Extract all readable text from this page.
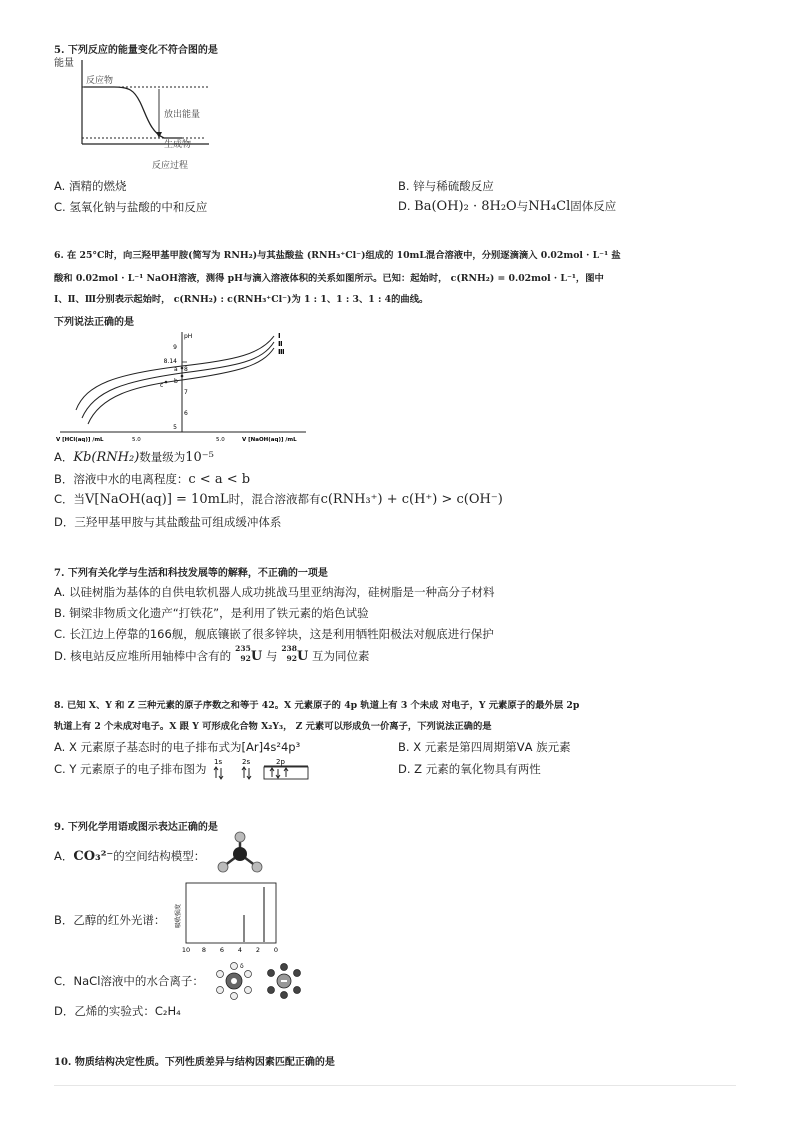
5. 下列反应的能量变化不符合图的是
能量
反应物
放出能量
生成物
反应过程
A. 酒精的燃烧	B. 锌与稀硫酸反应
C. 氢氧化钠与盐酸的中和反应	D. Ba(OH)₂ · 8H₂O与NH₄Cl固体反应
6. 在 25°C时，向三羟甲基甲胺(简写为 RNH₂)与其盐酸盐 (RNH₃⁺Cl⁻)组成的 10mL混合溶液中，分别逐滴滴入 0.02mol · L⁻¹ 盐
酸和 0.02mol · L⁻¹ NaOH溶液，测得 pH与滴入溶液体积的关系如图所示。已知：起始时， c(RNH₂) = 0.02mol · L⁻¹，图中
Ⅰ、Ⅱ、Ⅲ分别表示起始时， c(RNH₂) : c(RNH₃⁺Cl⁻)为 1 : 1、1 : 3、1 : 4的曲线。
下列说法正确的是
pH
9
8.14
8
7
6
5
Ⅰ
Ⅱ
Ⅲ
a
b
c
V [HCl(aq)] /mL	5.0	5.0	V [NaOH(aq)] /mL
A．Kb(RNH₂)数量级为10⁻⁵
B．溶液中水的电离程度：c < a < b
C．当V[NaOH(aq)] = 10mL时，混合溶液都有c(RNH₃⁺) + c(H⁺) > c(OH⁻)
D．三羟甲基甲胺与其盐酸盐可组成缓冲体系
7. 下列有关化学与生活和科技发展等的解释，不正确的一项是
A. 以硅树脂为基体的自供电软机器人成功挑战马里亚纳海沟，硅树脂是一种高分子材料
B. 铜梁非物质文化遗产“打铁花”，是利用了铁元素的焰色试验
C. 长江边上停靠的166舰，舰底镶嵌了很多锌块，这是利用牺牲阳极法对舰底进行保护
D. 核电站反应堆所用轴棒中含有的
235
92 U 与
238
92 U 互为同位素
8. 已知 X、Y 和 Z 三种元素的原子序数之和等于 42。X 元素原子的 4p 轨道上有 3 个未成 对电子，Y 元素原子的最外层 2p
轨道上有 2 个未成对电子。X 跟 Y 可形成化合物 X₂Y₃， Z 元素可以形成负一价离子，下列说法正确的是
A. X 元素原子基态时的电子排布式为[Ar]4s²4p³	B. X 元素是第四周期第ⅤA 族元素
C. Y 元素原子的电子排布图为	D. Z 元素的氧化物具有两性
1s	2s	2p
9. 下列化学用语或图示表达正确的是
A．CO₃²⁻的空间结构模型：
B．乙醇的红外光谱： 吸收强度
10 8 6 4 2 0
C．NaCl溶液中的水合离子：
δ
D．乙烯的实验式：C₂H₄
10. 物质结构决定性质。下列性质差异与结构因素匹配正确的是
